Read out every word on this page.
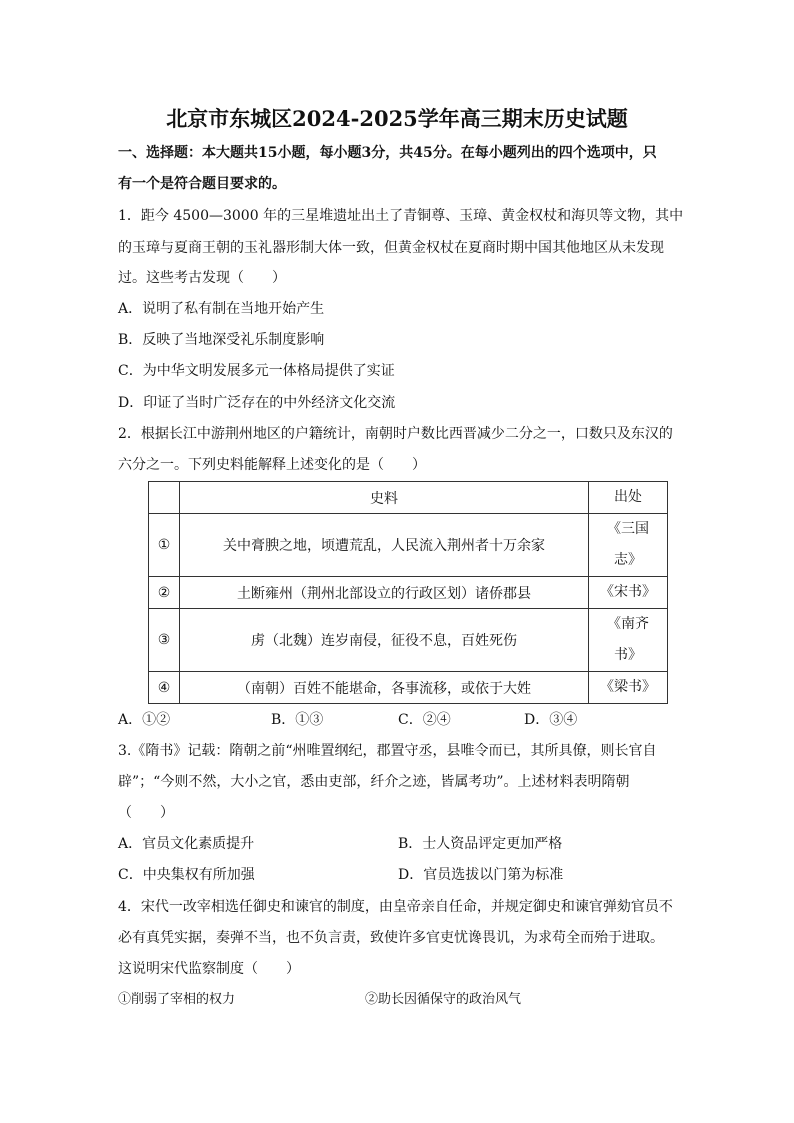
北京市东城区2024-2025学年高三期末历史试题
一、选择题：本大题共15小题，每小题3分，共45分。在每小题列出的四个选项中，只
有一个是符合题目要求的。
1．距今 4500—3000 年的三星堆遗址出土了青铜尊、玉璋、黄金权杖和海贝等文物，其中
的玉璋与夏商王朝的玉礼器形制大体一致，但黄金权杖在夏商时期中国其他地区从未发现
过。这些考古发现（　　）
A．说明了私有制在当地开始产生
B．反映了当地深受礼乐制度影响
C．为中华文明发展多元一体格局提供了实证
D．印证了当时广泛存在的中外经济文化交流
2．根据长江中游荆州地区的户籍统计，南朝时户数比西晋减少二分之一，口数只及东汉的
六分之一。下列史料能解释上述变化的是（　　）
	史料	出处
①	关中膏腴之地，顷遭荒乱，人民流入荆州者十万余家	《三国
志》
②	土断雍州（荆州北部设立的行政区划）诸侨郡县	《宋书》
③	虏（北魏）连岁南侵，征役不息，百姓死伤	《南齐
书》
④	（南朝）百姓不能堪命，各事流移，或依于大姓	《梁书》
A．①②	B．①③	C．②④	D．③④
3.《隋书》记载：隋朝之前“州唯置纲纪，郡置守丞，县唯令而已，其所具僚，则长官自
辟”；“今则不然，大小之官，悉由吏部，纤介之迹，皆属考功”。上述材料表明隋朝
（　　）
A．官员文化素质提升	B．士人资品评定更加严格
C．中央集权有所加强	D．官员选拔以门第为标准
4．宋代一改宰相选任御史和谏官的制度，由皇帝亲自任命，并规定御史和谏官弹劾官员不
必有真凭实据，奏弹不当，也不负言责，致使许多官吏忧谗畏讥，为求苟全而殆于进取。
这说明宋代监察制度（　　）
①削弱了宰相的权力	②助长因循保守的政治风气
